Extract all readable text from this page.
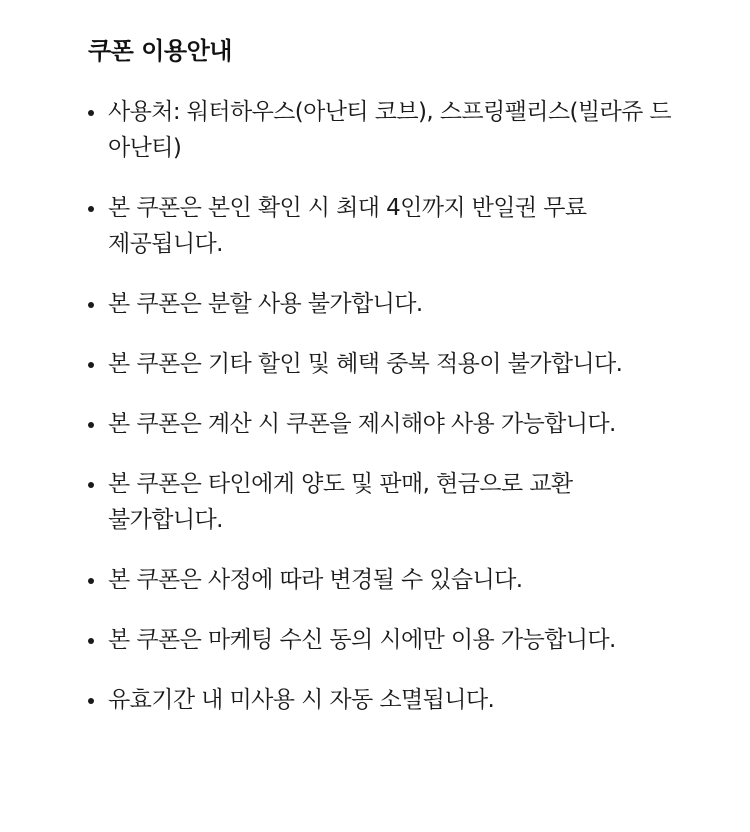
쿠폰 이용안내
사용처: 워터하우스(아난티 코브), 스프링팰리스(빌라쥬 드 아난티)
본 쿠폰은 본인 확인 시 최대 4인까지 반일권 무료 제공됩니다.
본 쿠폰은 분할 사용 불가합니다.
본 쿠폰은 기타 할인 및 혜택 중복 적용이 불가합니다.
본 쿠폰은 계산 시 쿠폰을 제시해야 사용 가능합니다.
본 쿠폰은 타인에게 양도 및 판매, 현금으로 교환 불가합니다.
본 쿠폰은 사정에 따라 변경될 수 있습니다.
본 쿠폰은 마케팅 수신 동의 시에만 이용 가능합니다.
유효기간 내 미사용 시 자동 소멸됩니다.
